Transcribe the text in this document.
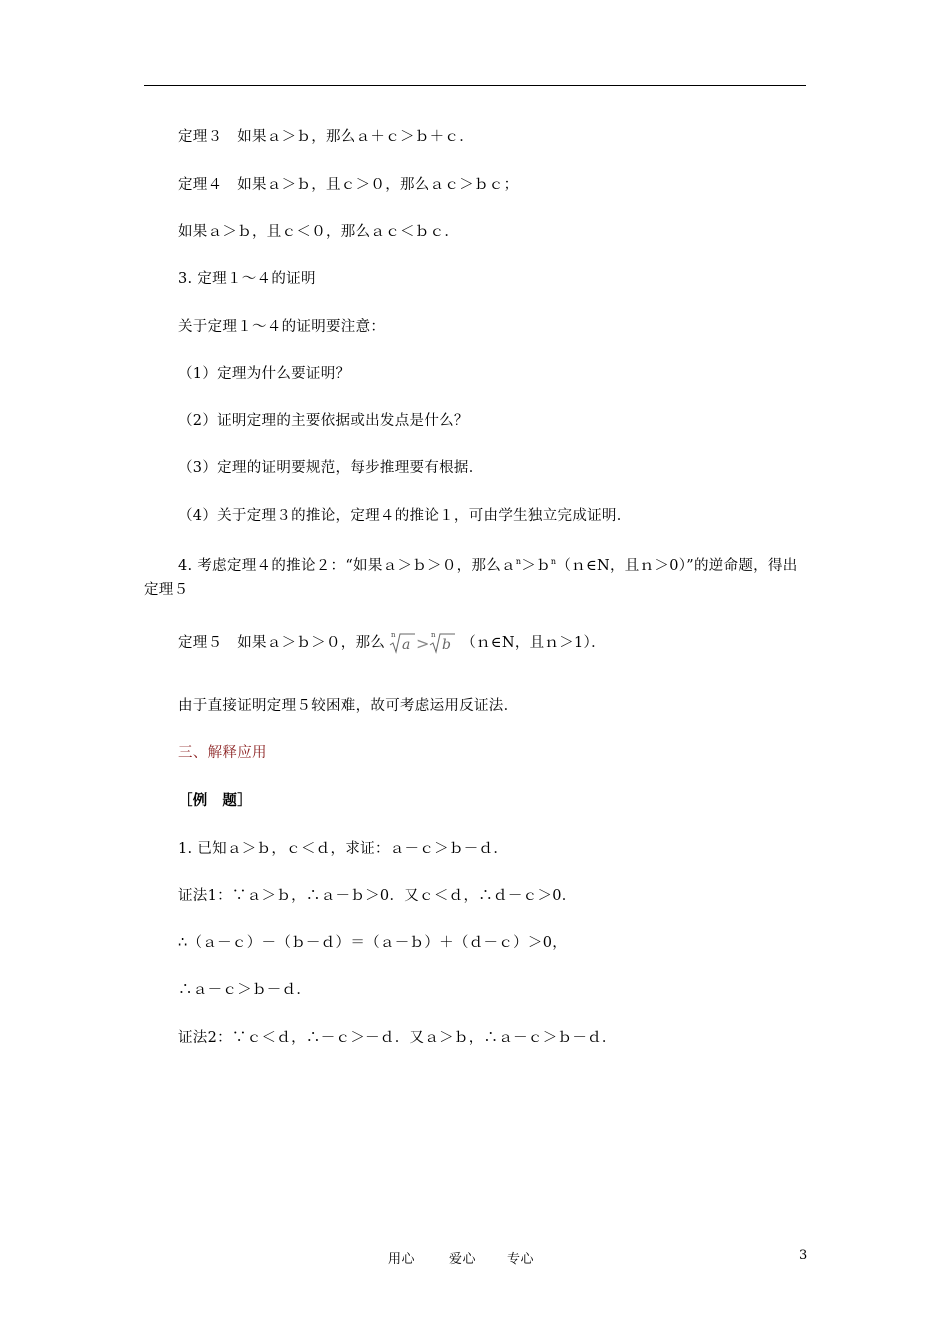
定理３　如果ａ＞ｂ，那么ａ＋ｃ＞ｂ＋ｃ．
定理４　如果ａ＞ｂ，且ｃ＞０，那么ａｃ＞ｂｃ；
如果ａ＞ｂ，且ｃ＜０，那么ａｃ＜ｂｃ．
3. 定理１～４的证明
关于定理１～４的证明要注意：
（1）定理为什么要证明？
（2）证明定理的主要依据或出发点是什么？
（3）定理的证明要规范，每步推理要有根据．
（4）关于定理３的推论，定理４的推论１，可由学生独立完成证明．
4. 考虑定理４的推论２：“如果ａ＞ｂ＞０，那么ａ$^n$＞ｂ$^n$（ｎ∈N，且ｎ＞0）”的逆命题，得出定理５
定理５　如果ａ＞ｂ＞０，那么 n
a > n
b （ｎ∈N，且ｎ＞1）．
由于直接证明定理５较困难，故可考虑运用反证法．
三、解释应用
［例　题］
1. 已知ａ＞ｂ，ｃ＜ｄ，求证：ａ－ｃ＞ｂ－ｄ．
证法1：∵ａ＞ｂ，∴ａ－ｂ＞0．又ｃ＜ｄ，∴ｄ－ｃ＞0．
∴（ａ－ｃ）－（ｂ－ｄ）＝（ａ－ｂ）＋（ｄ－ｃ）＞0，
∴ａ－ｃ＞ｂ－ｄ．
证法2：∵ｃ＜ｄ，∴－ｃ＞－ｄ．又ａ＞ｂ，∴ａ－ｃ＞ｂ－ｄ．
用心	爱心 专心	3
